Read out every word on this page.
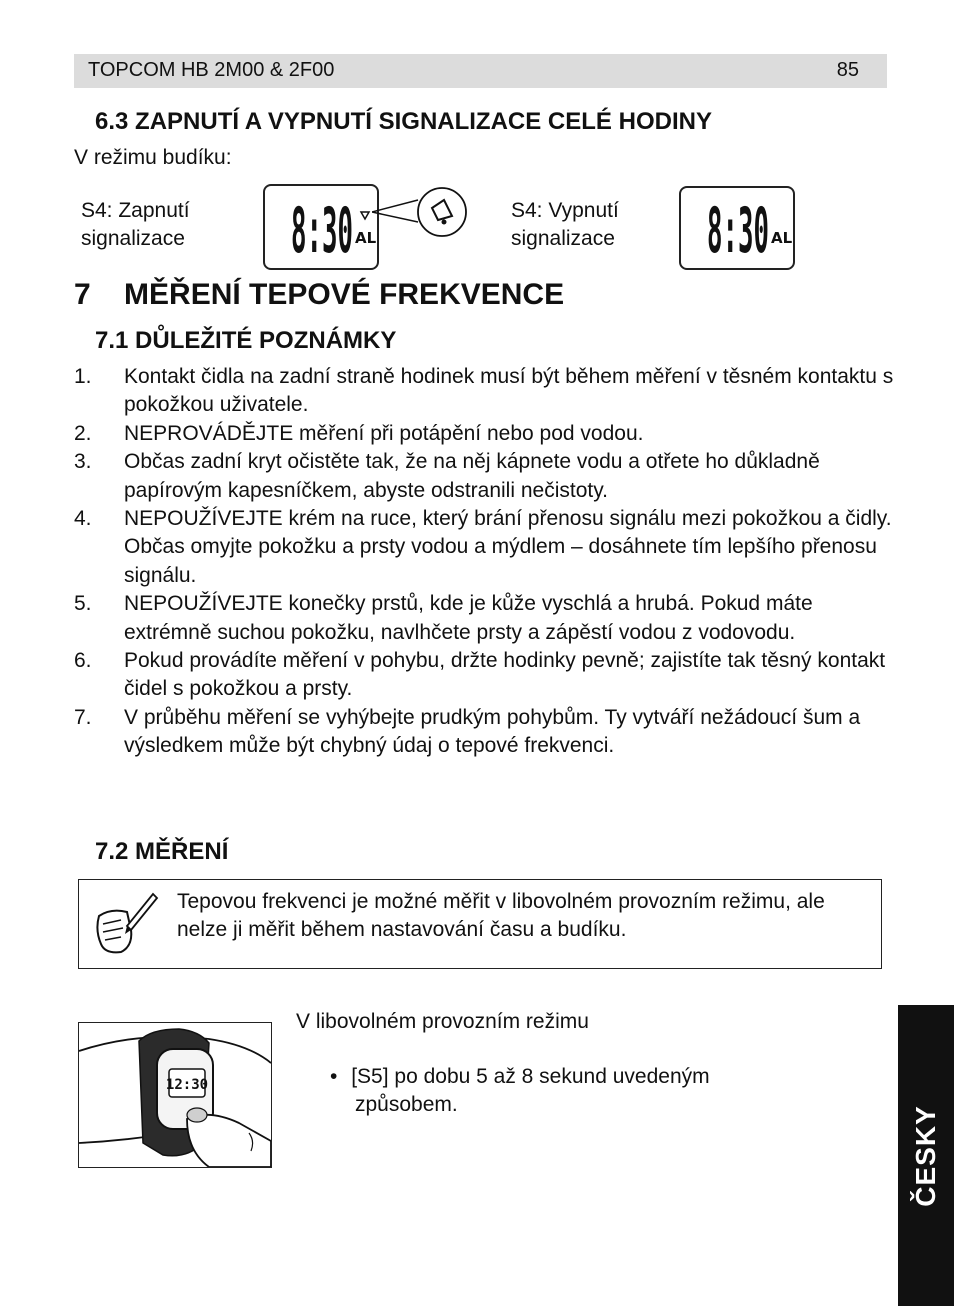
TOPCOM HB 2M00 & 2F00	85
6.3 ZAPNUTÍ A VYPNUTÍ SIGNALIZACE CELÉ HODINY
V režimu budíku:
S4: Zapnutí
signalizace 8:30 AL
S4: Vypnutí
signalizace 8:30 AL
7    MĚŘENÍ TEPOVÉ FREKVENCE
7.1 DŮLEŽITÉ POZNÁMKY
1. Kontakt čidla na zadní straně hodinek musí být během měření v těsném kontaktu s pokožkou uživatele.
2. NEPROVÁDĚJTE měření při potápění nebo pod vodou.
3. Občas zadní kryt očistěte tak, že na něj kápnete vodu a otřete ho důkladně papírovým kapesníčkem, abyste odstranili nečistoty.
4. NEPOUŽÍVEJTE krém na ruce, který brání přenosu signálu mezi pokožkou a čidly. Občas omyjte pokožku a prsty vodou a mýdlem – dosáhnete tím lepšího přenosu signálu.
5. NEPOUŽÍVEJTE konečky prstů, kde je kůže vyschlá a hrubá. Pokud máte extrémně suchou pokožku, navlhčete prsty a zápěstí vodou z vodovodu.
6. Pokud provádíte měření v pohybu, držte hodinky pevně; zajistíte tak těsný kontakt čidel s pokožkou a prsty.
7. V průběhu měření se vyhýbejte prudkým pohybům. Ty vytváří nežádoucí šum a výsledkem může být chybný údaj o tepové frekvenci.
7.2 MĚŘENÍ
Tepovou frekvenci je možné měřit v libovolném provozním režimu, ale nelze ji měřit během nastavování času a budíku.
V libovolném provozním režimu
• [S5] po dobu 5 až 8 sekund uvedeným
způsobem.
12:30
ČESKY
